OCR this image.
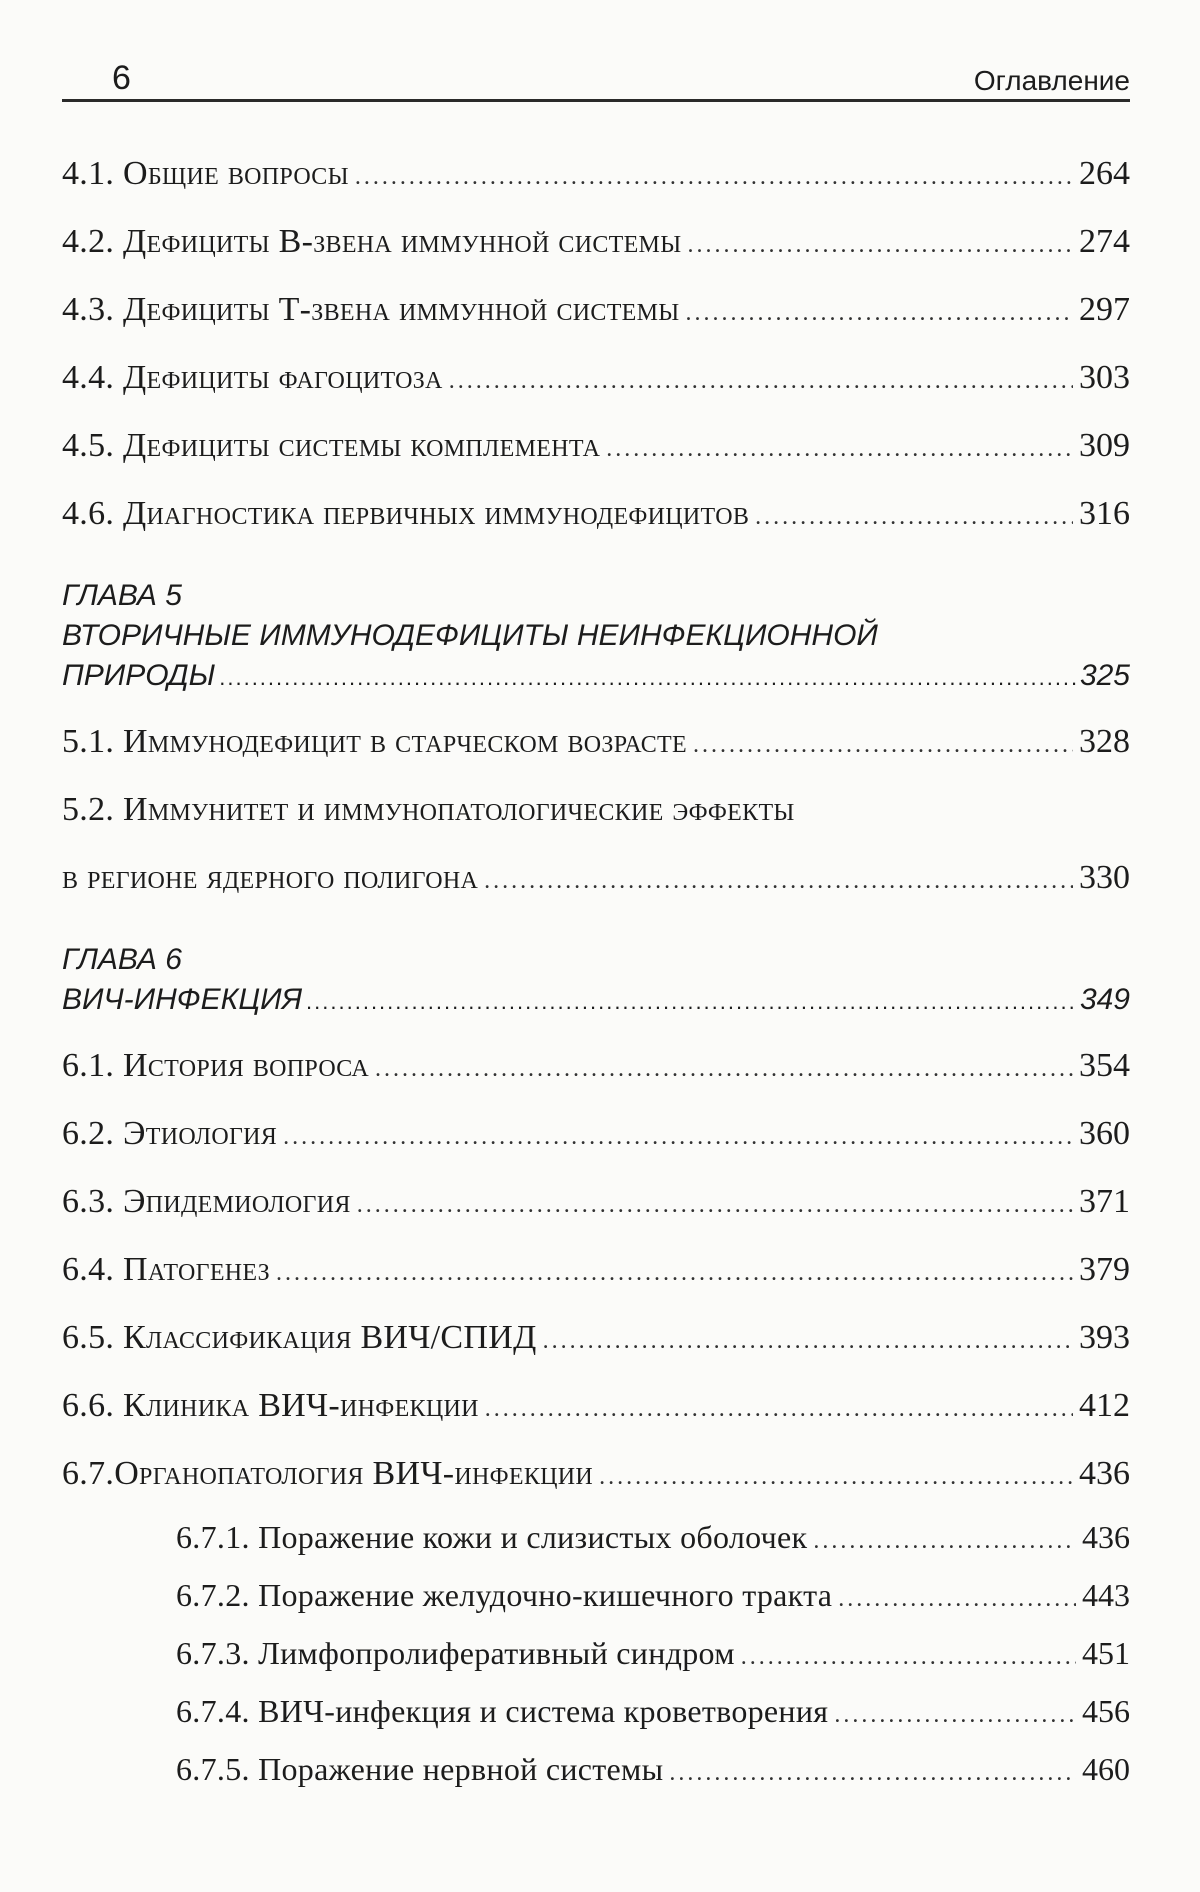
6	Оглавление
4.1. Общие вопросы .....	264
4.2. Дефициты В-звена иммунной системы .....	274
4.3. Дефициты Т-звена иммунной системы .....	297
4.4. Дефициты фагоцитоза .....	303
4.5. Дефициты системы комплемента .....	309
4.6. Диагностика первичных иммунодефицитов .....	316
ГЛАВА 5
ВТОРИЧНЫЕ ИММУНОДЕФИЦИТЫ НЕИНФЕКЦИОННОЙ
ПРИРОДЫ .....	325
5.1. Иммунодефицит в старческом возрасте .....	328
5.2. Иммунитет и иммунопатологические эффекты
в регионе ядерного полигона .....	330
ГЛАВА 6
ВИЧ-ИНФЕКЦИЯ .....	349
6.1. История вопроса .....	354
6.2. Этиология .....	360
6.3. Эпидемиология .....	371
6.4. Патогенез .....	379
6.5. Классификация ВИЧ/СПИД .....	393
6.6. Клиника ВИЧ-инфекции .....	412
6.7.Органопатология ВИЧ-инфекции .....	436
6.7.1. Поражение кожи и слизистых оболочек .....	436
6.7.2. Поражение желудочно-кишечного тракта .....	443
6.7.3. Лимфопролиферативный синдром .....	451
6.7.4. ВИЧ-инфекция и система кроветворения .....	456
6.7.5. Поражение нервной системы .....	460
